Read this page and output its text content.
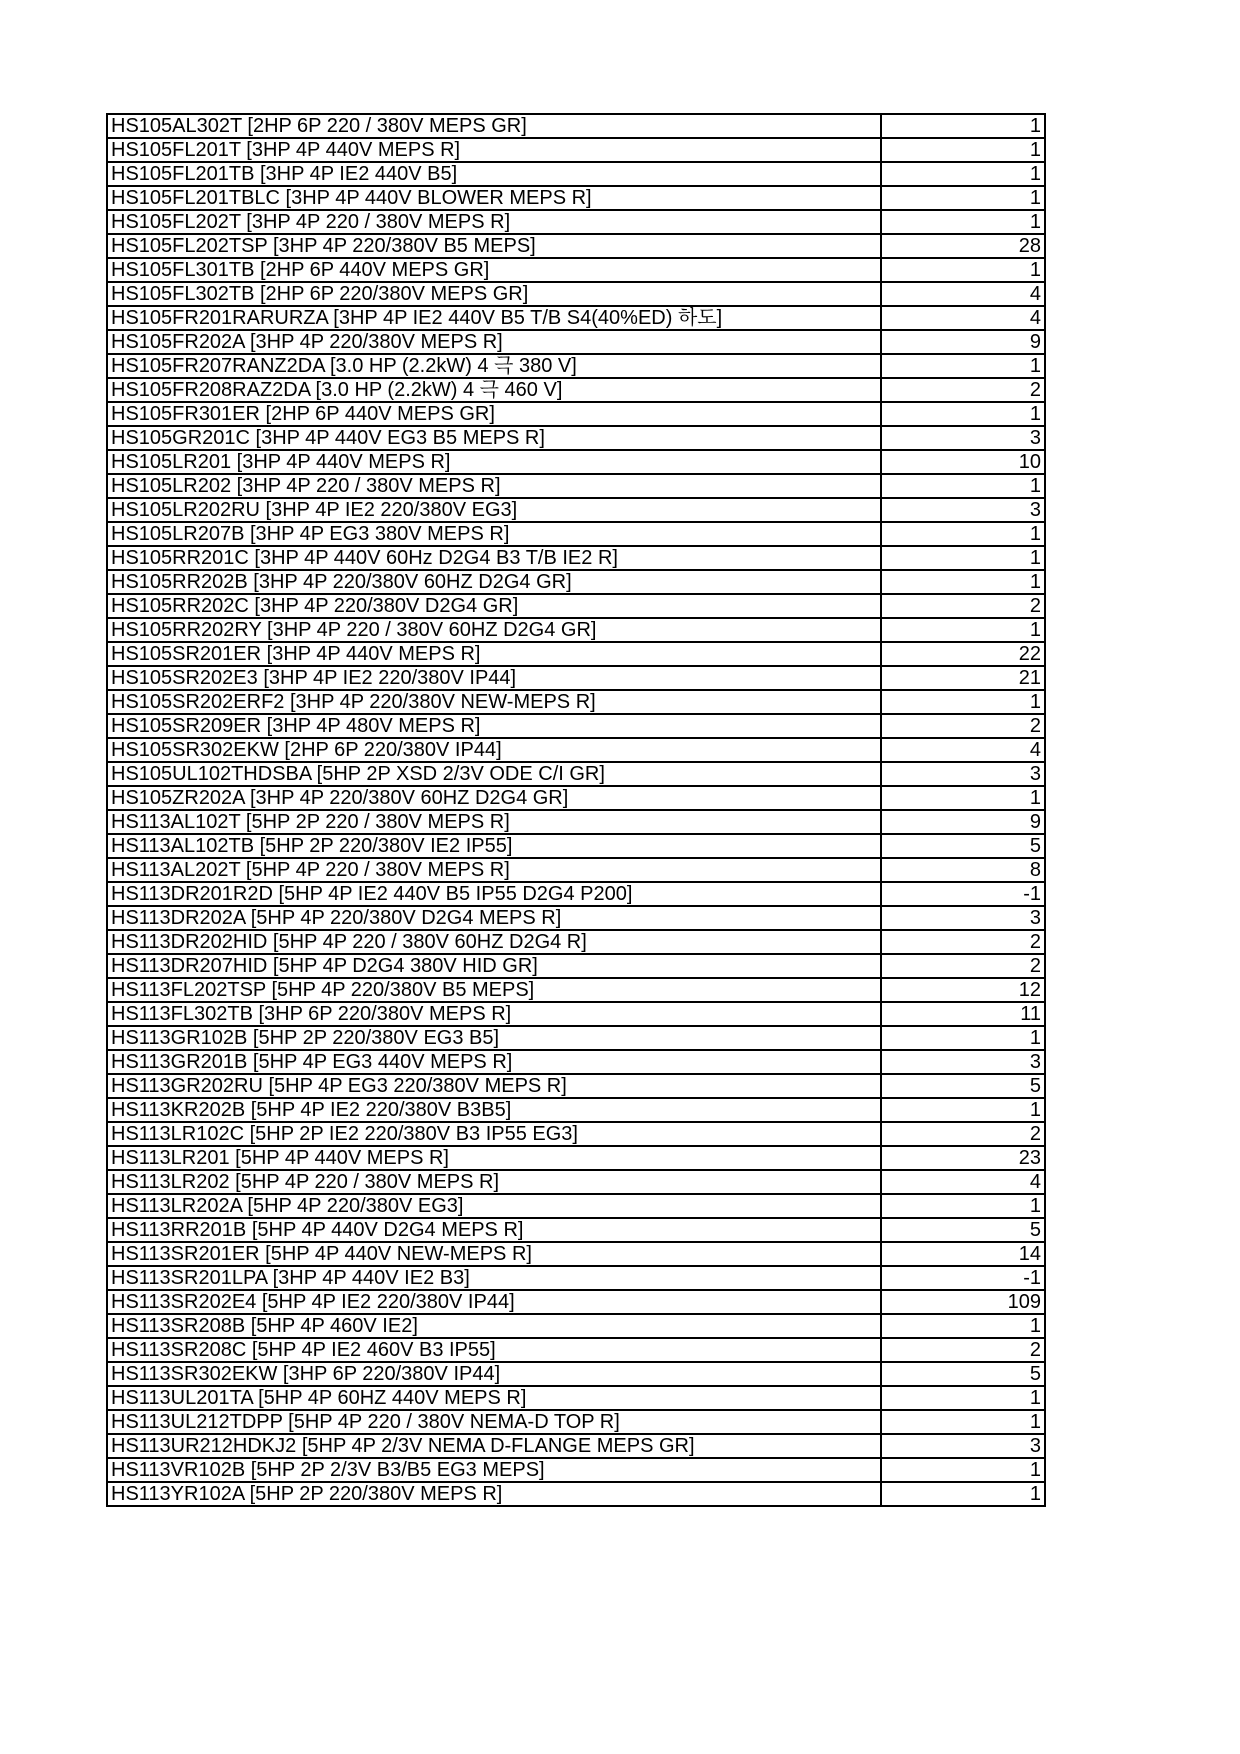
HS105AL302T [2HP 6P 220 / 380V MEPS GR]	1
HS105FL201T [3HP 4P 440V MEPS R]	1
HS105FL201TB [3HP 4P IE2 440V B5]	1
HS105FL201TBLC [3HP 4P 440V BLOWER MEPS R]	1
HS105FL202T [3HP 4P 220 / 380V MEPS R]	1
HS105FL202TSP [3HP 4P 220/380V B5 MEPS]	28
HS105FL301TB [2HP 6P 440V MEPS GR]	1
HS105FL302TB [2HP 6P 220/380V MEPS GR]	4
HS105FR201RARURZA [3HP 4P IE2 440V B5 T/B S4(40%ED) 하도]	4
HS105FR202A [3HP 4P 220/380V MEPS R]	9
HS105FR207RANZ2DA [3.0 HP (2.2kW) 4 극 380 V]	1
HS105FR208RAZ2DA [3.0 HP (2.2kW) 4 극 460 V]	2
HS105FR301ER [2HP 6P 440V MEPS GR]	1
HS105GR201C [3HP 4P 440V EG3 B5 MEPS R]	3
HS105LR201 [3HP 4P 440V MEPS R]	10
HS105LR202 [3HP 4P 220 / 380V MEPS R]	1
HS105LR202RU [3HP 4P IE2 220/380V EG3]	3
HS105LR207B [3HP 4P EG3 380V MEPS R]	1
HS105RR201C [3HP 4P 440V 60Hz D2G4 B3 T/B IE2 R]	1
HS105RR202B [3HP 4P 220/380V 60HZ D2G4 GR]	1
HS105RR202C [3HP 4P 220/380V D2G4 GR]	2
HS105RR202RY [3HP 4P 220 / 380V 60HZ D2G4 GR]	1
HS105SR201ER [3HP 4P 440V MEPS R]	22
HS105SR202E3 [3HP 4P IE2 220/380V IP44]	21
HS105SR202ERF2 [3HP 4P 220/380V NEW-MEPS R]	1
HS105SR209ER [3HP 4P 480V MEPS R]	2
HS105SR302EKW [2HP 6P 220/380V IP44]	4
HS105UL102THDSBA [5HP 2P XSD 2/3V ODE C/I GR]	3
HS105ZR202A [3HP 4P 220/380V 60HZ D2G4 GR]	1
HS113AL102T [5HP 2P 220 / 380V MEPS R]	9
HS113AL102TB [5HP 2P 220/380V IE2 IP55]	5
HS113AL202T [5HP 4P 220 / 380V MEPS R]	8
HS113DR201R2D [5HP 4P IE2 440V B5 IP55 D2G4 P200]	-1
HS113DR202A [5HP 4P 220/380V D2G4 MEPS R]	3
HS113DR202HID [5HP 4P 220 / 380V 60HZ D2G4 R]	2
HS113DR207HID [5HP 4P D2G4 380V HID GR]	2
HS113FL202TSP [5HP 4P 220/380V B5 MEPS]	12
HS113FL302TB [3HP 6P 220/380V MEPS R]	11
HS113GR102B [5HP 2P 220/380V EG3 B5]	1
HS113GR201B [5HP 4P EG3 440V MEPS R]	3
HS113GR202RU [5HP 4P EG3 220/380V MEPS R]	5
HS113KR202B [5HP 4P IE2 220/380V B3B5]	1
HS113LR102C [5HP 2P IE2 220/380V B3 IP55 EG3]	2
HS113LR201 [5HP 4P 440V MEPS R]	23
HS113LR202 [5HP 4P 220 / 380V MEPS R]	4
HS113LR202A [5HP 4P 220/380V EG3]	1
HS113RR201B [5HP 4P 440V D2G4 MEPS R]	5
HS113SR201ER [5HP 4P 440V NEW-MEPS R]	14
HS113SR201LPA [3HP 4P 440V IE2 B3]	-1
HS113SR202E4 [5HP 4P IE2 220/380V IP44]	109
HS113SR208B [5HP 4P 460V IE2]	1
HS113SR208C [5HP 4P IE2 460V B3 IP55]	2
HS113SR302EKW [3HP 6P 220/380V IP44]	5
HS113UL201TA [5HP 4P 60HZ 440V MEPS R]	1
HS113UL212TDPP [5HP 4P 220 / 380V NEMA-D TOP R]	1
HS113UR212HDKJ2 [5HP 4P 2/3V NEMA D-FLANGE MEPS GR]	3
HS113VR102B [5HP 2P 2/3V B3/B5 EG3 MEPS]	1
HS113YR102A [5HP 2P 220/380V MEPS R]	1
